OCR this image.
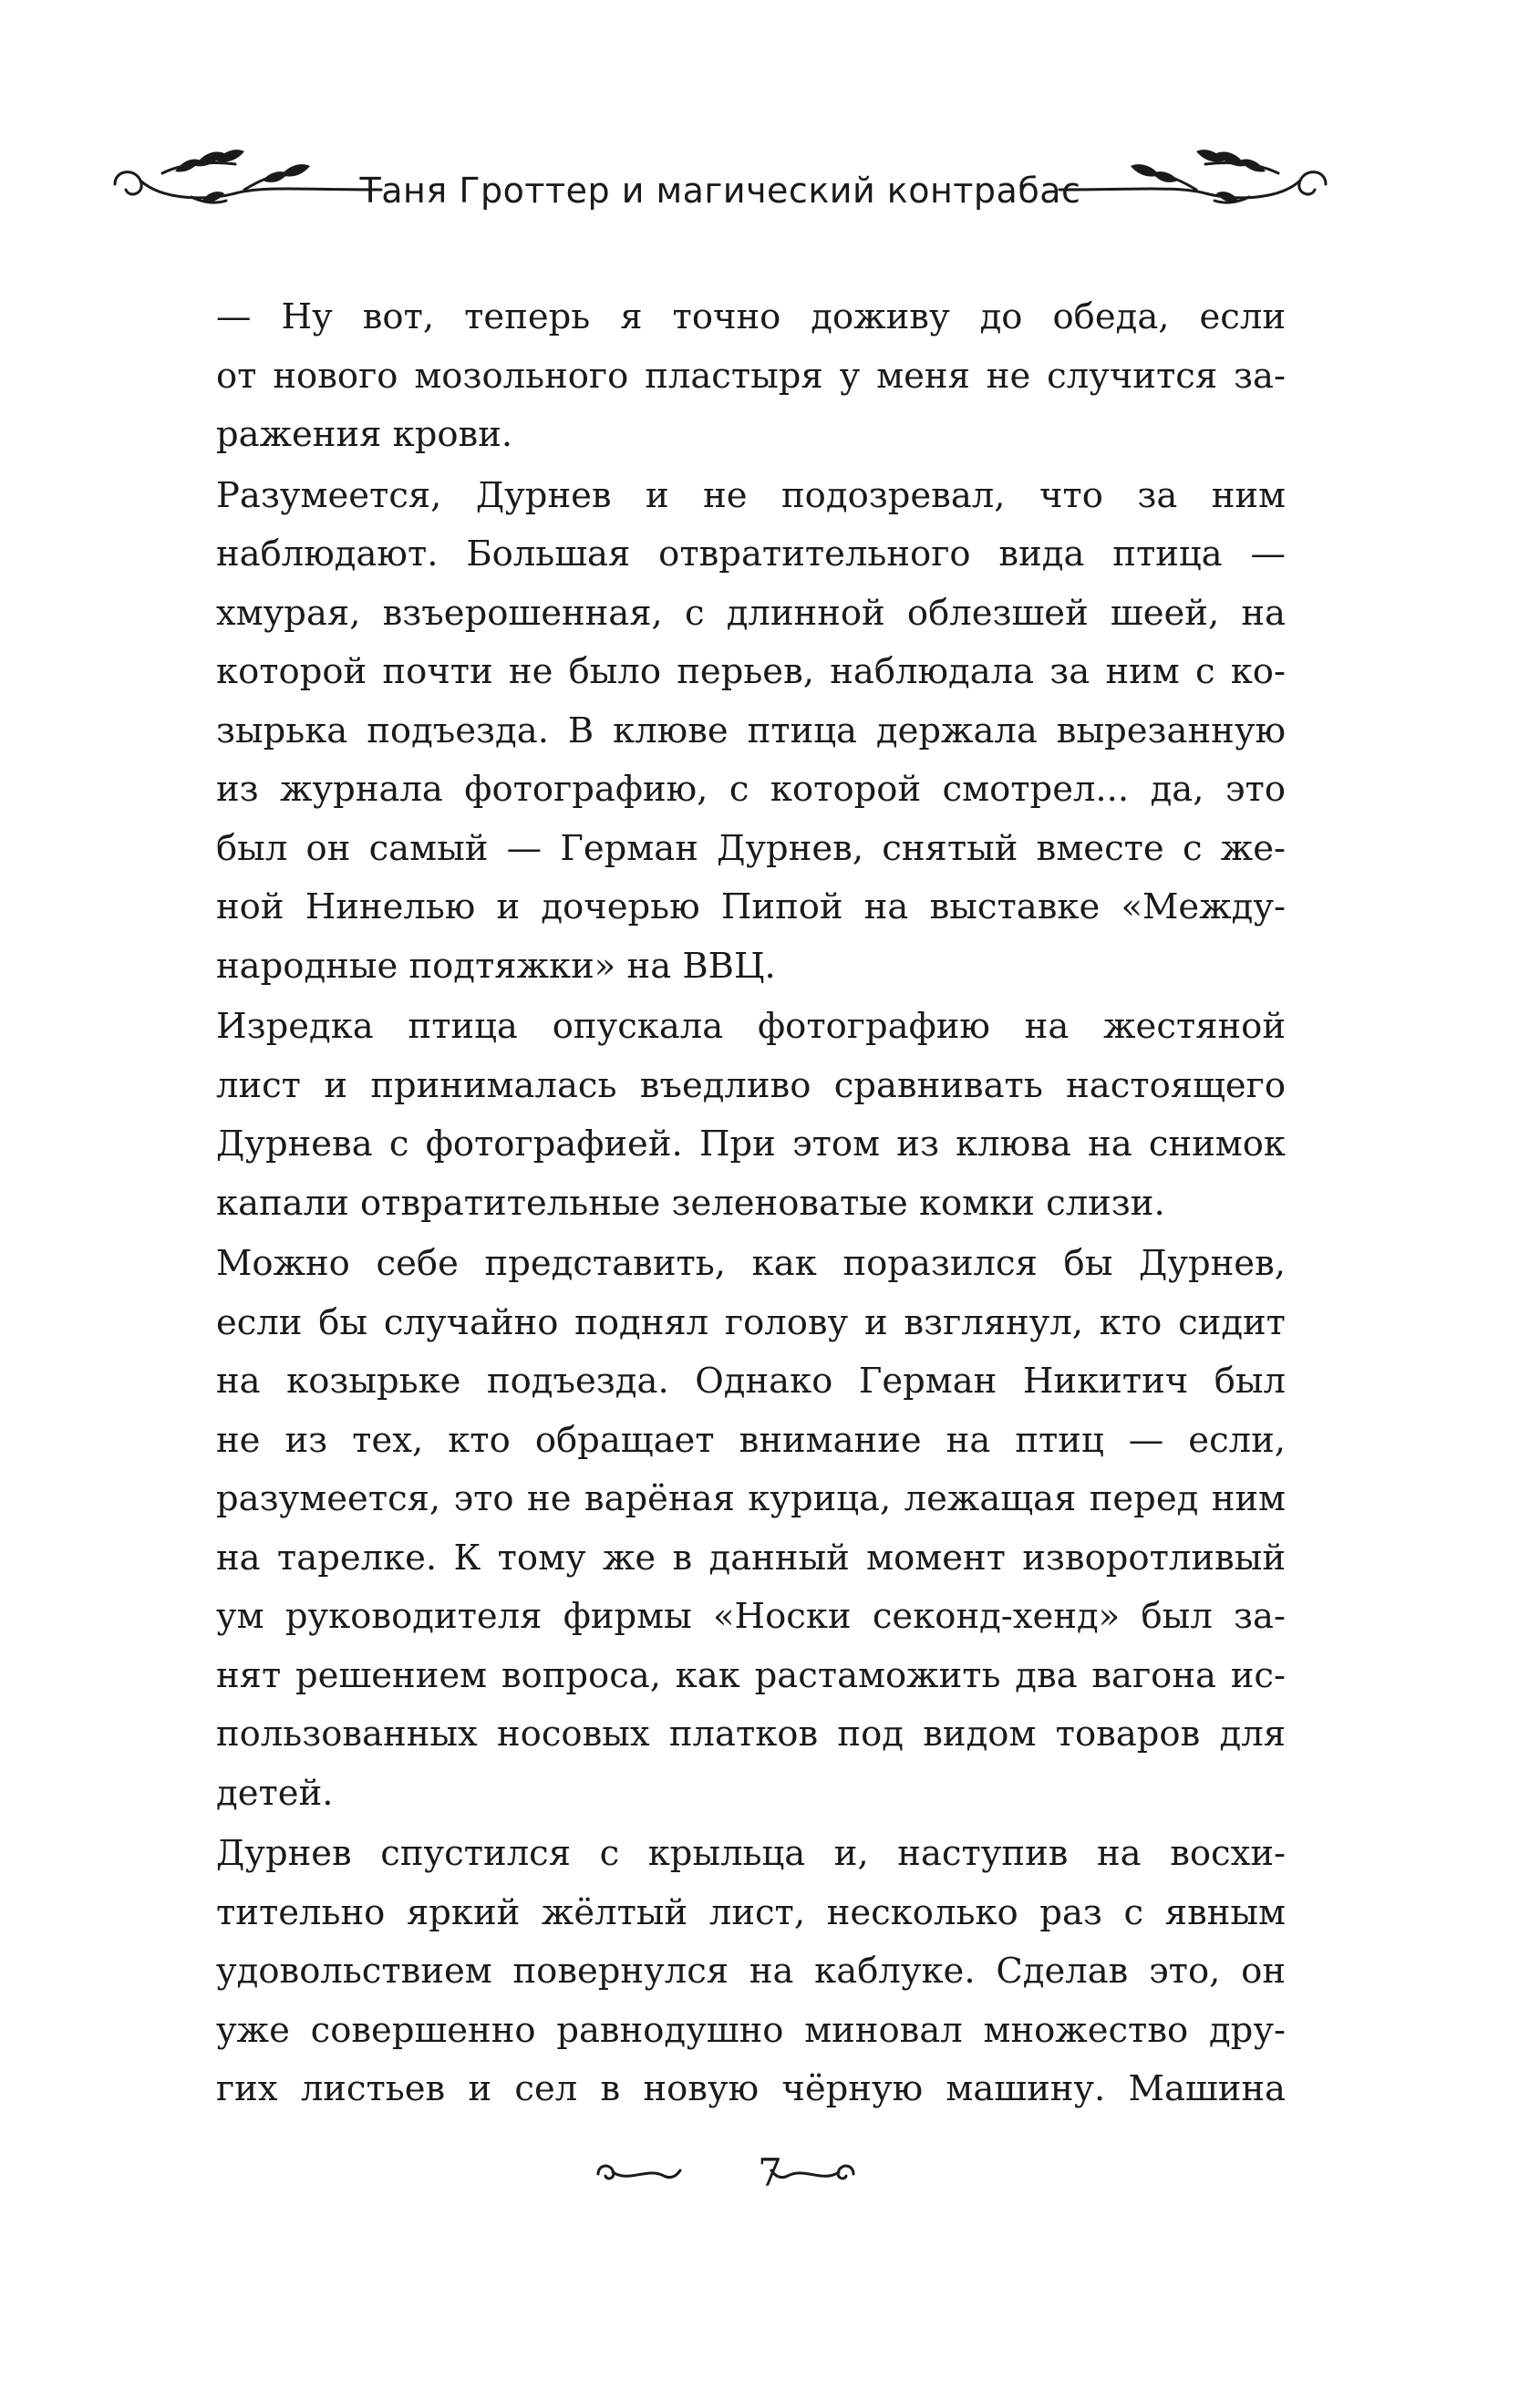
Таня Гроттер и магический контрабас

— Ну вот, теперь я точно доживу до обеда, если
от нового мозольного пластыря у меня не случится за-
ражения крови.

Разумеется, Дурнев и не подозревал, что за ним
наблюдают. Большая отвратительного вида птица —
хмурая, взъерошенная, с длинной облезшей шеей, на
которой почти не было перьев, наблюдала за ним с ко-
зырька подъезда. В клюве птица держала вырезанную
из журнала фотографию, с которой смотрел... да, это
был он самый — Герман Дурнев, снятый вместе с же-
ной Нинелью и дочерью Пипой на выставке «Между-
народные подтяжки» на ВВЦ.

Изредка птица опускала фотографию на жестяной
лист и принималась въедливо сравнивать настоящего
Дурнева с фотографией. При этом из клюва на снимок
капали отвратительные зеленоватые комки слизи.

Можно себе представить, как поразился бы Дурнев,
если бы случайно поднял голову и взглянул, кто сидит
на козырьке подъезда. Однако Герман Никитич был
не из тех, кто обращает внимание на птиц — если,
разумеется, это не варёная курица, лежащая перед ним
на тарелке. К тому же в данный момент изворотливый
ум руководителя фирмы «Носки секонд-хенд» был за-
нят решением вопроса, как растаможить два вагона ис-
пользованных носовых платков под видом товаров для
детей.

Дурнев спустился с крыльца и, наступив на восхи-
тительно яркий жёлтый лист, несколько раз с явным
удовольствием повернулся на каблуке. Сделав это, он
уже совершенно равнодушно миновал множество дру-
гих листьев и сел в новую чёрную машину. Машина

7
